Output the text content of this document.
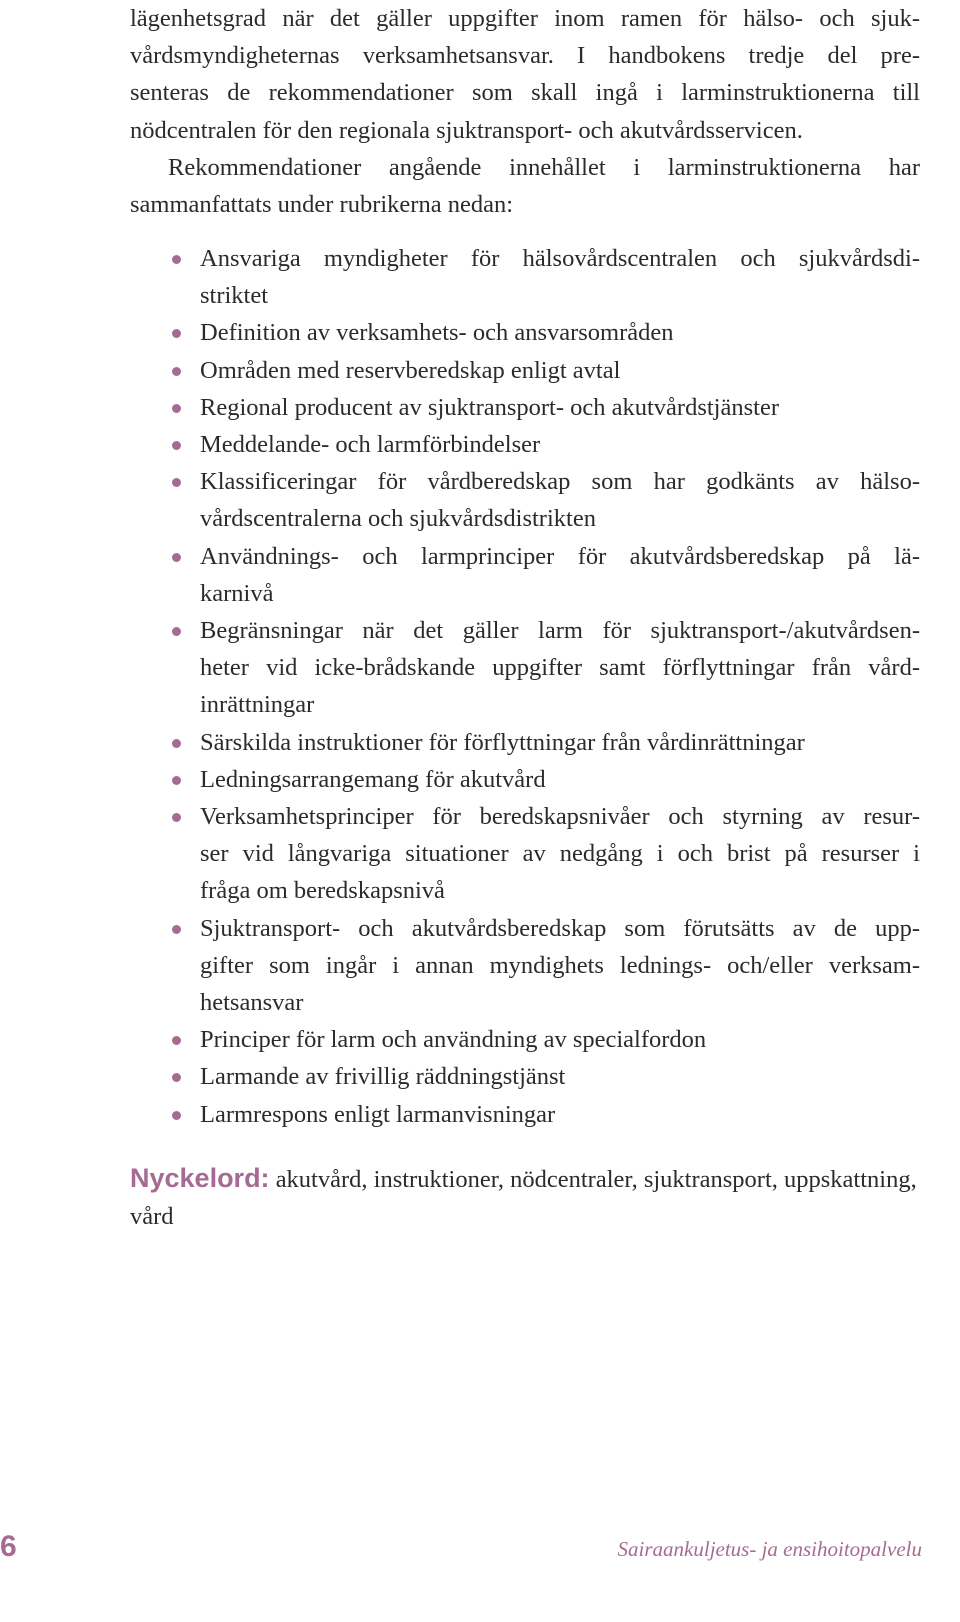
lägenhetsgrad när det gäller uppgifter inom ramen för hälso- och sjuk-
vårdsmyndigheternas verksamhetsansvar. I handbokens tredje del pre-
senteras de rekommendationer som skall ingå i larminstruktionerna till
nödcentralen för den regionala sjuktransport- och akutvårdsservicen.
Rekommendationer angående innehållet i larminstruktionerna har
sammanfattats under rubrikerna nedan:

Ansvariga myndigheter för hälsovårdscentralen och sjukvårdsdi-
striktet
Definition av verksamhets- och ansvarsområden
Områden med reservberedskap enligt avtal
Regional producent av sjuktransport- och akutvårdstjänster
Meddelande- och larmförbindelser
Klassificeringar för vårdberedskap som har godkänts av hälso-
vårdscentralerna och sjukvårdsdistrikten
Användnings- och larmprinciper för akutvårdsberedskap på lä-
karnivå
Begränsningar när det gäller larm för sjuktransport-/akutvårdsen-
heter vid icke-brådskande uppgifter samt förflyttningar från vård-
inrättningar
Särskilda instruktioner för förflyttningar från vårdinrättningar
Ledningsarrangemang för akutvård
Verksamhetsprinciper för beredskapsnivåer och styrning av resur-
ser vid långvariga situationer av nedgång i och brist på resurser i
fråga om beredskapsnivå
Sjuktransport- och akutvårdsberedskap som förutsätts av de upp-
gifter som ingår i annan myndighets lednings- och/eller verksam-
hetsansvar
Principer för larm och användning av specialfordon
Larmande av frivillig räddningstjänst
Larmrespons enligt larmanvisningar
Nyckelord: akutvård, instruktioner, nödcentraler, sjuktransport, uppskattning, vård
6	Sairaankuljetus- ja ensihoitopalvelu
